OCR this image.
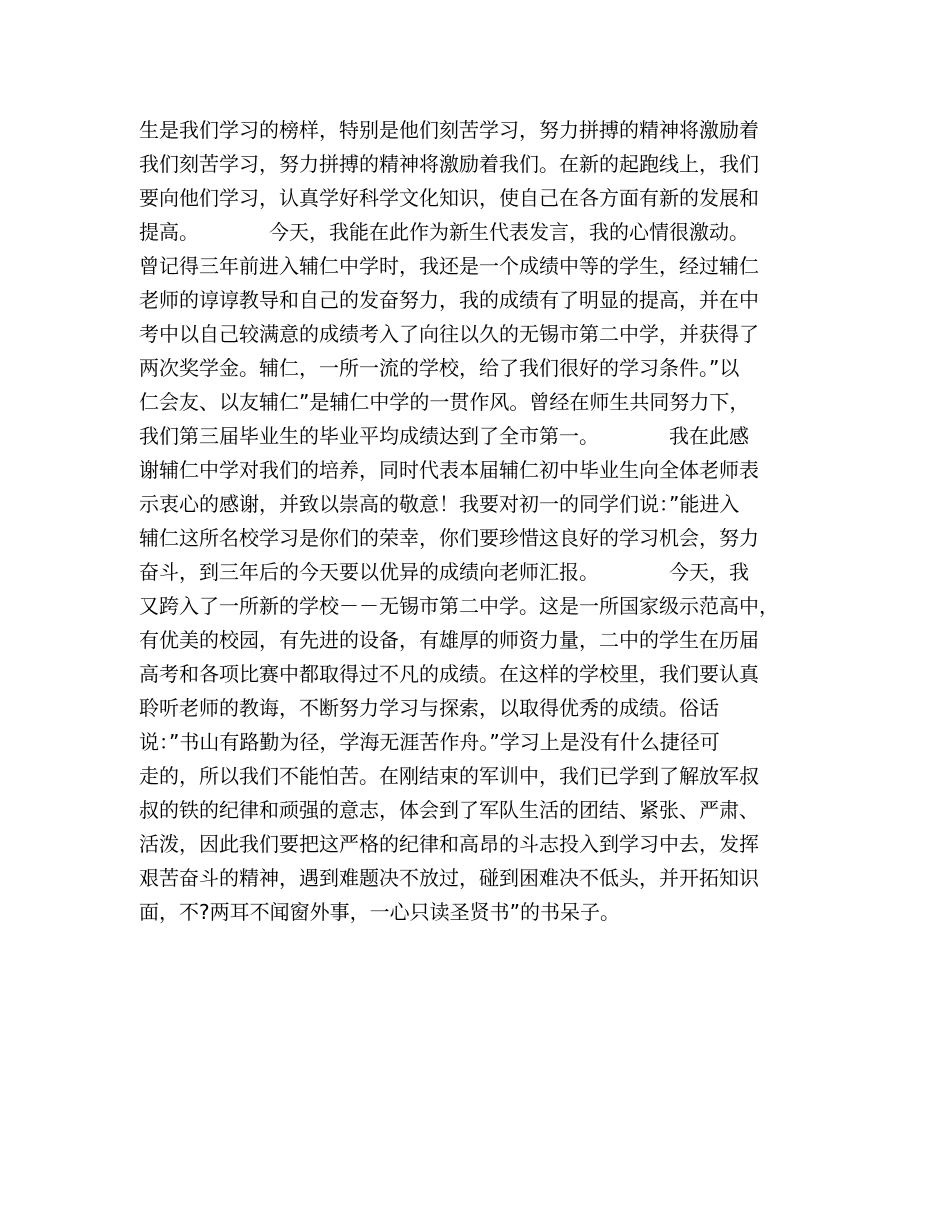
生是我们学习的榜样，特别是他们刻苦学习，努力拼搏的精神将激励着
我们刻苦学习，努力拼搏的精神将激励着我们。在新的起跑线上，我们
要向他们学习，认真学好科学文化知识，使自己在各方面有新的发展和
提高。　　　　今天，我能在此作为新生代表发言，我的心情很激动。
曾记得三年前进入辅仁中学时，我还是一个成绩中等的学生，经过辅仁
老师的谆谆教导和自己的发奋努力，我的成绩有了明显的提高，并在中
考中以自己较满意的成绩考入了向往以久的无锡市第二中学，并获得了
两次奖学金。辅仁，一所一流的学校，给了我们很好的学习条件。”以
仁会友、以友辅仁”是辅仁中学的一贯作风。曾经在师生共同努力下，
我们第三届毕业生的毕业平均成绩达到了全市第一。　　　　我在此感
谢辅仁中学对我们的培养，同时代表本届辅仁初中毕业生向全体老师表
示衷心的感谢，并致以崇高的敬意！我要对初一的同学们说：”能进入
辅仁这所名校学习是你们的荣幸，你们要珍惜这良好的学习机会，努力
奋斗，到三年后的今天要以优异的成绩向老师汇报。　　　　今天，我
又跨入了一所新的学校－－无锡市第二中学。这是一所国家级示范高中，
有优美的校园，有先进的设备，有雄厚的师资力量，二中的学生在历届
高考和各项比赛中都取得过不凡的成绩。在这样的学校里，我们要认真
聆听老师的教诲，不断努力学习与探索，以取得优秀的成绩。俗话
说：”书山有路勤为径，学海无涯苦作舟。”学习上是没有什么捷径可
走的，所以我们不能怕苦。在刚结束的军训中，我们已学到了解放军叔
叔的铁的纪律和顽强的意志，体会到了军队生活的团结、紧张、严肃、
活泼，因此我们要把这严格的纪律和高昂的斗志投入到学习中去，发挥
艰苦奋斗的精神，遇到难题决不放过，碰到困难决不低头，并开拓知识
面，不?两耳不闻窗外事，一心只读圣贤书”的书呆子。
